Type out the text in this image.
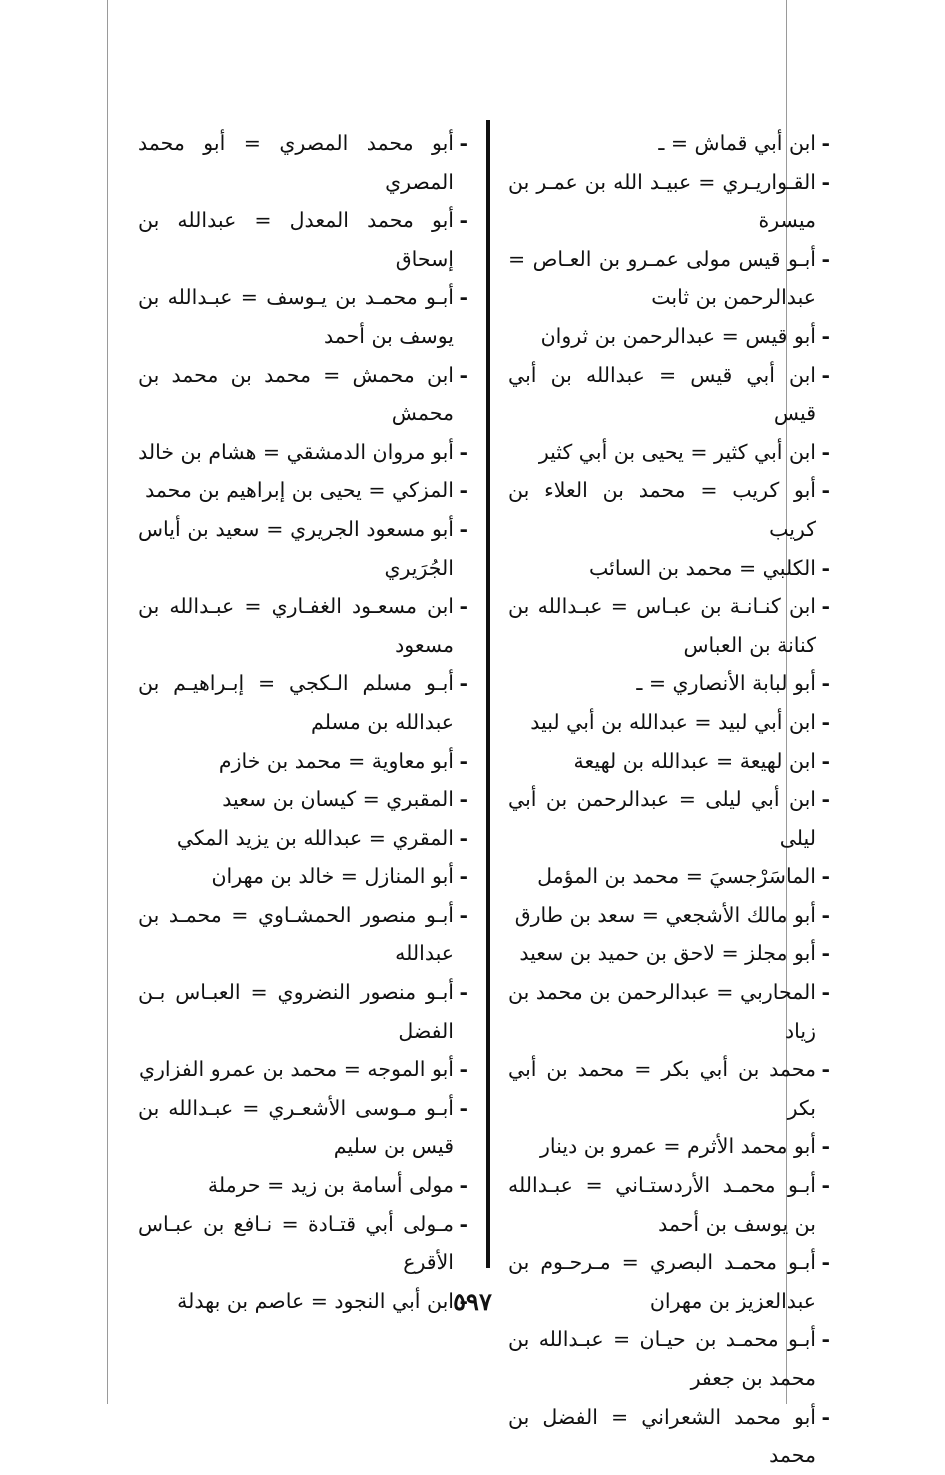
- ابن أبي قماش = ـ

- القـواريـري = عبيـد الله بن عمـر بن ميسرة

- أبـو قيس مولى عمـرو بن العـاص = عبدالرحمن بن ثابت

- أبو قيس = عبدالرحمن بن ثروان

- ابن أبي قيس = عبدالله بن أبي قيس

- ابن أبي كثير = يحيى بن أبي كثير

- أبو كريب = محمد بن العلاء بن كريب

- الكلبي = محمد بن السائب

- ابن كنـانـة بن عبـاس = عبـدالله بن كنانة بن العباس

- أبو لبابة الأنصاري = ـ

- ابن أبي لبيد = عبدالله بن أبي لبيد

- ابن لهيعة = عبدالله بن لهيعة

- ابن أبي ليلى = عبدالرحمن بن أبي ليلى

- الماسَرْجسيَ = محمد بن المؤمل

- أبو مالك الأشجعي = سعد بن طارق

- أبو مجلز = لاحق بن حميد بن سعيد

- المحاربي = عبدالرحمن بن محمد بن زياد

- محمد بن أبي بكر = محمد بن أبي بكر

- أبو محمد الأثرم = عمرو بن دينار

- أبـو محمـد الأردستـاني = عبـدالله بن يوسف بن أحمد

- أبـو محمـد البصري = مـرحـوم بن عبدالعزيز بن مهران

- أبـو محمـد بن حيـان = عبـدالله بن محمد بن جعفر

- أبو محمد الشعراني = الفضل بن محمد

- أبو محمد المصري = أبو محمد المصري

- أبو محمد المعدل = عبدالله بن إسحاق

- أبـو محمـد بن يـوسف = عبـدالله بن يوسف بن أحمد

- ابن محمش = محمد بن محمد بن محمش

- أبو مروان الدمشقي = هشام بن خالد

- المزكي = يحيى بن إبراهيم بن محمد

- أبو مسعود الجريري = سعيد بن أياس الجُرَيري

- ابن مسعـود الغفـاري = عبـدالله بن مسعود

- أبـو مسلم الـكجي = إبـراهيـم بن عبدالله بن مسلم

- أبو معاوية = محمد بن خازم

- المقبري = كيسان بن سعيد

- المقري = عبدالله بن يزيد المكي

- أبو المنازل = خالد بن مهران

- أبـو منصور الحمشـاوي = محمـد بن عبدالله

- أبـو منصور النضروي = العبـاس بـن الفضل

- أبو الموجه = محمد بن عمرو الفزاري

- أبـو مـوسى الأشعـري = عبـدالله بن قيس بن سليم

- مولى أسامة بن زيد = حرملة

- مـولى أبي قتـادة = نـافع بن عبـاس الأقرع

- ابن أبي النجود = عاصم بن بهدلة ٥٩٧
